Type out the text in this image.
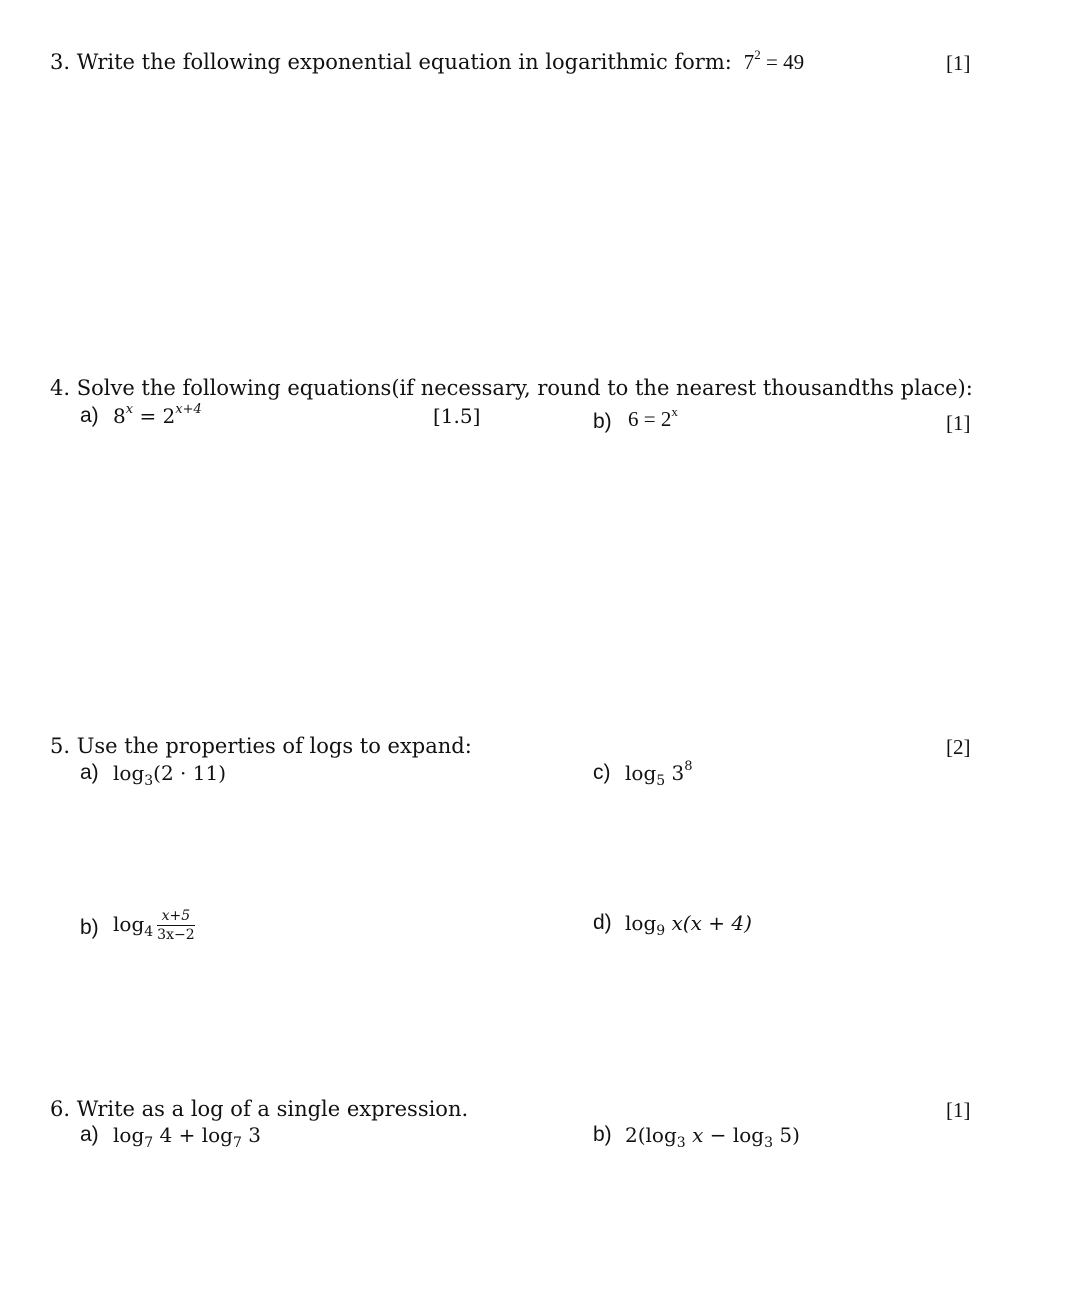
3. Write the following exponential equation in logarithmic form: $7^2 = 49$	[1]
4. Solve the following equations(if necessary, round to the nearest thousandths place):
a) $8^x = 2^{x+4}$	[1.5]	b) $6 = 2^x$	[1]
5. Use the properties of logs to expand:	[2]
a) $\log_3(2 \cdot 11)$	c) $\log_5 3^8$
b) $\log_4 \frac{x+5}{3x-2}$	d) $\log_9 x(x + 4)$
6. Write as a log of a single expression.	[1]
a) $\log_7 4 + \log_7 3$	b) $2(\log_3$ $x - \log_3 5$)
